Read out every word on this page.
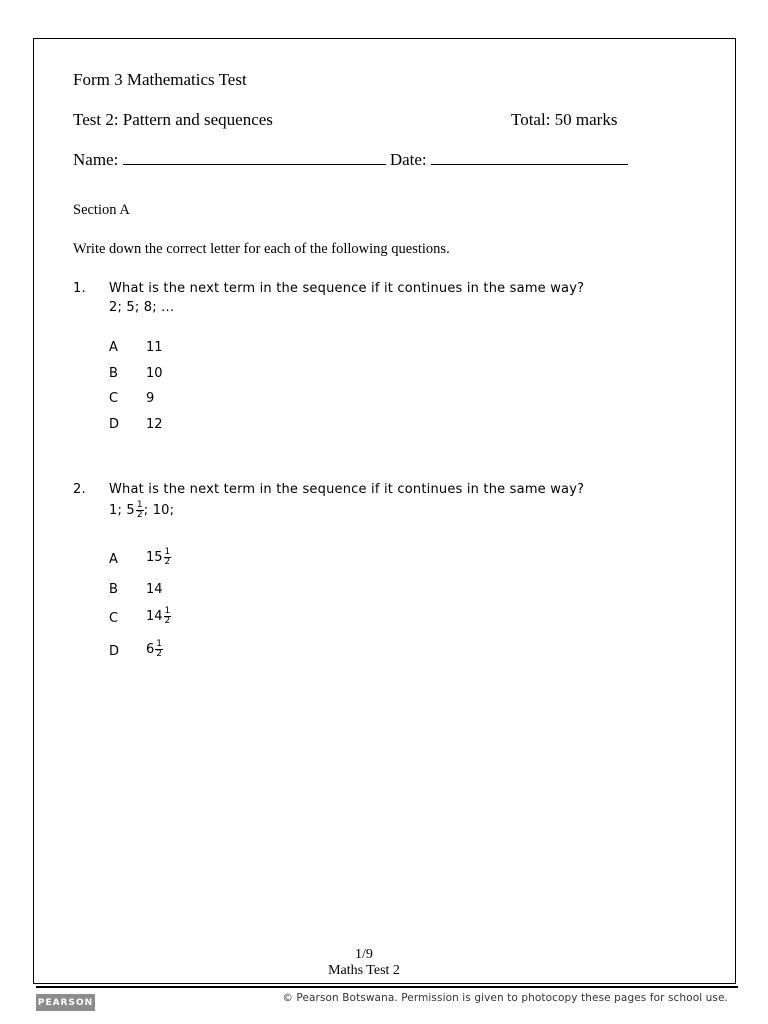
Form 3 Mathematics Test
Test 2: Pattern and sequences	Total: 50 marks
Name:	Date:
Section A
Write down the correct letter for each of the following questions.
1. What is the next term in the sequence if it continues in the same way?
2; 5; 8; ...
A 11
B 10
C 9
D 12
2. What is the next term in the sequence if it continues in the same way?
1; $5 \frac{1}{2}$ ; 10;
A $15 \frac{1}{2}$
B 14
C $14 \frac{1}{2}$
D $6 \frac{1}{2}$
1/9
Maths Test 2
PEARSON	© Pearson Botswana. Permission is given to photocopy these pages for school use.
